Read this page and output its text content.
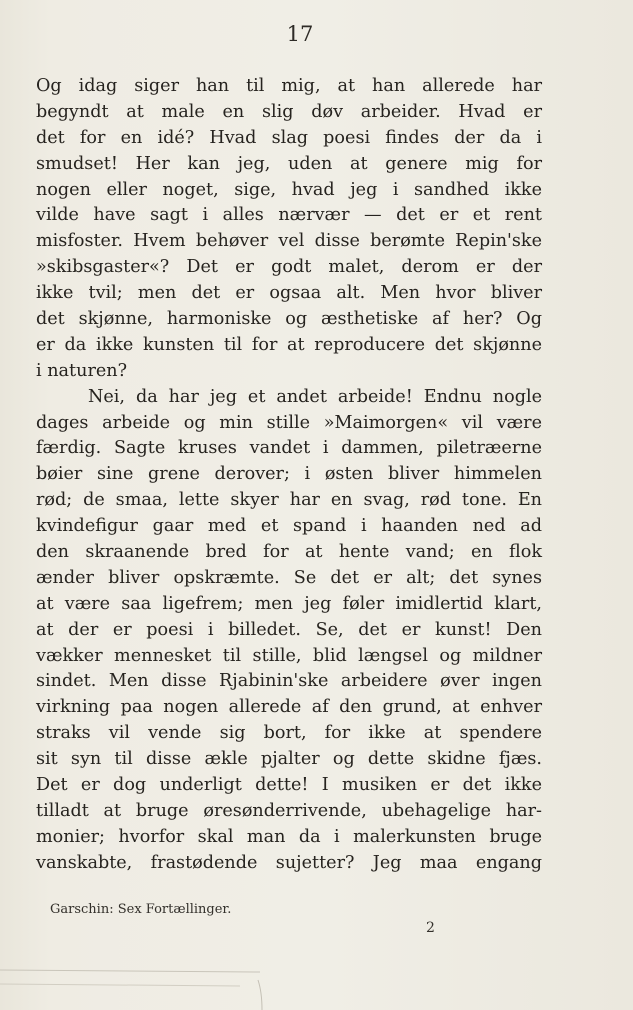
17
Og idag siger han til mig, at han allerede har
begyndt at male en slig døv arbeider. Hvad er
det for en idé? Hvad slag poesi findes der da i
smudset! Her kan jeg, uden at genere mig for
nogen eller noget, sige, hvad jeg i sandhed ikke
vilde have sagt i alles nærvær — det er et rent
misfoster. Hvem behøver vel disse berømte Repin'ske
»skibsgaster«? Det er godt malet, derom er der
ikke tvil; men det er ogsaa alt. Men hvor bliver
det skjønne, harmoniske og æsthetiske af her? Og
er da ikke kunsten til for at reproducere det skjønne
i naturen?
Nei, da har jeg et andet arbeide! Endnu nogle
dages arbeide og min stille »Maimorgen« vil være
færdig. Sagte kruses vandet i dammen, piletræerne
bøier sine grene derover; i østen bliver himmelen
rød; de smaa, lette skyer har en svag, rød tone. En
kvindefigur gaar med et spand i haanden ned ad
den skraanende bred for at hente vand; en flok
ænder bliver opskræmte. Se det er alt; det synes
at være saa ligefrem; men jeg føler imidlertid klart,
at der er poesi i billedet. Se, det er kunst! Den
vækker mennesket til stille, blid længsel og mildner
sindet. Men disse Rjabinin'ske arbeidere øver ingen
virkning paa nogen allerede af den grund, at enhver
straks vil vende sig bort, for ikke at spendere
sit syn til disse ækle pjalter og dette skidne fjæs.
Det er dog underligt dette! I musiken er det ikke
tilladt at bruge øresønderrivende, ubehagelige har-
monier; hvorfor skal man da i malerkunsten bruge
vanskabte, frastødende sujetter? Jeg maa engang
Garschin: Sex Fortællinger.
2
